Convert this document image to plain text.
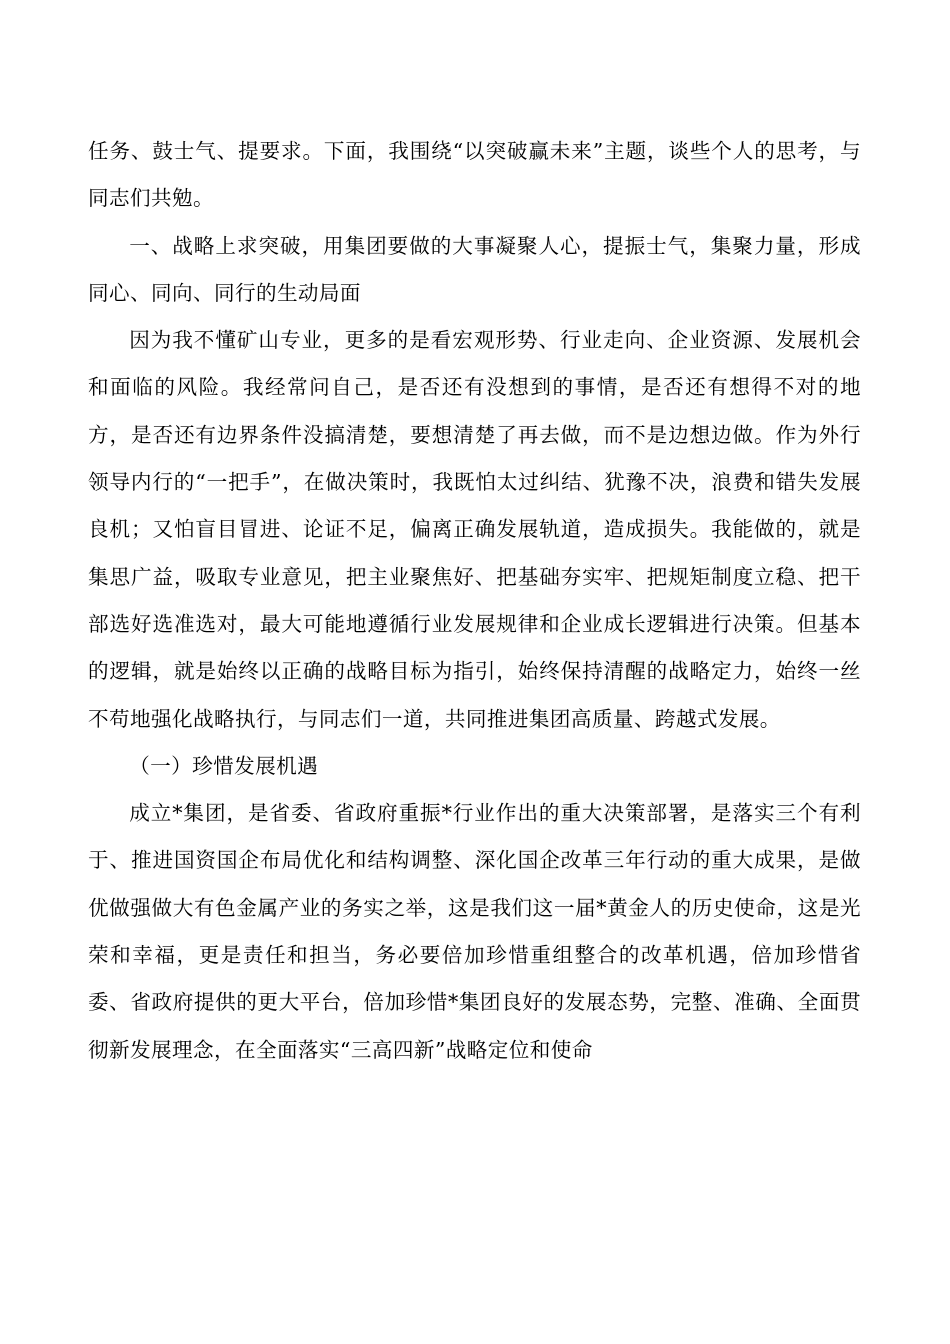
任务、鼓士气、提要求。下面，我围绕“以突破赢未来”主题，谈些个人的思考，与同志们共勉。

一、战略上求突破，用集团要做的大事凝聚人心，提振士气，集聚力量，形成同心、同向、同行的生动局面

因为我不懂矿山专业，更多的是看宏观形势、行业走向、企业资源、发展机会和面临的风险。我经常问自己，是否还有没想到的事情，是否还有想得不对的地方，是否还有边界条件没搞清楚，要想清楚了再去做，而不是边想边做。作为外行领导内行的“一把手”，在做决策时，我既怕太过纠结、犹豫不决，浪费和错失发展良机；又怕盲目冒进、论证不足，偏离正确发展轨道，造成损失。我能做的，就是集思广益，吸取专业意见，把主业聚焦好、把基础夯实牢、把规矩制度立稳、把干部选好选准选对，最大可能地遵循行业发展规律和企业成长逻辑进行决策。但基本的逻辑，就是始终以正确的战略目标为指引，始终保持清醒的战略定力，始终一丝不苟地强化战略执行，与同志们一道，共同推进集团高质量、跨越式发展。

（一）珍惜发展机遇

成立*集团，是省委、省政府重振*行业作出的重大决策部署，是落实三个有利于、推进国资国企布局优化和结构调整、深化国企改革三年行动的重大成果，是做优做强做大有色金属产业的务实之举，这是我们这一届*黄金人的历史使命，这是光荣和幸福，更是责任和担当，务必要倍加珍惜重组整合的改革机遇，倍加珍惜省委、省政府提供的更大平台，倍加珍惜*集团良好的发展态势，完整、准确、全面贯彻新发展理念，在全面落实“三高四新”战略定位和使命
